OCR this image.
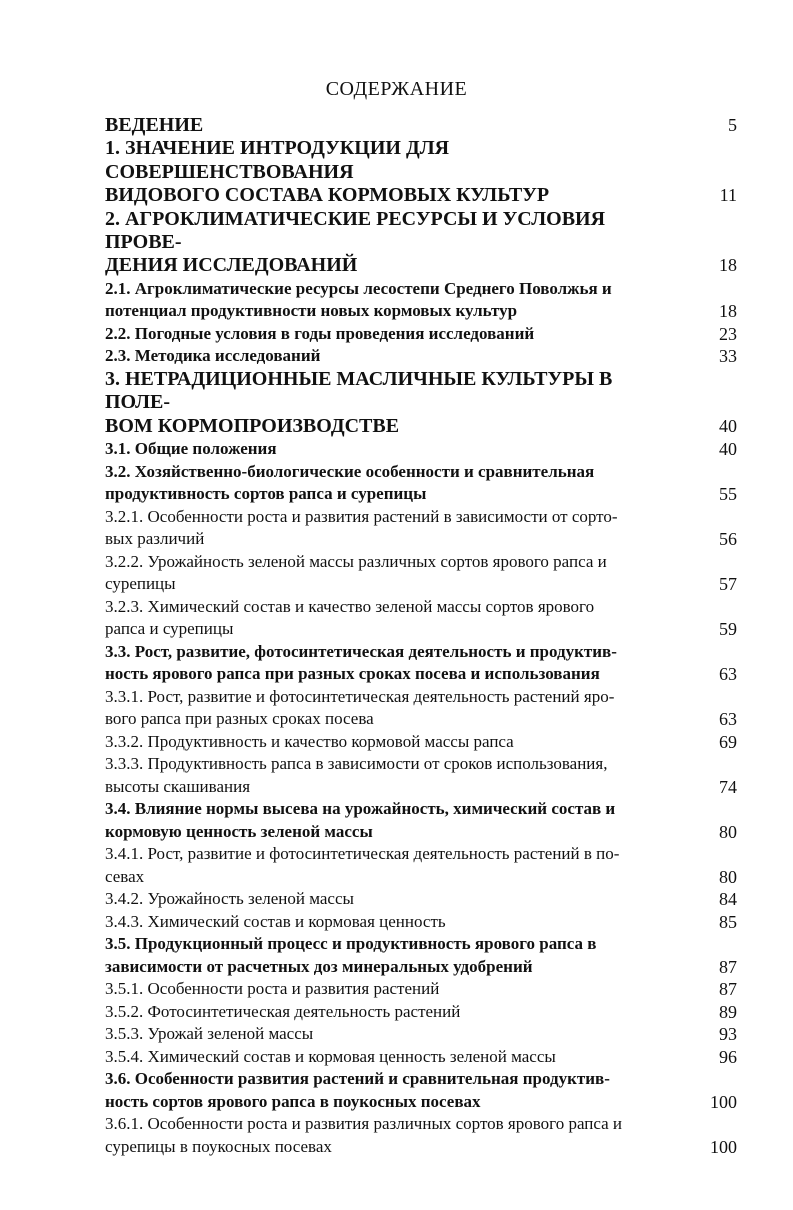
СОДЕРЖАНИЕ
ВЕДЕНИЕ	5
1. ЗНАЧЕНИЕ ИНТРОДУКЦИИ ДЛЯ СОВЕРШЕНСТВОВАНИЯ
ВИДОВОГО СОСТАВА КОРМОВЫХ КУЛЬТУР	11
2. АГРОКЛИМАТИЧЕСКИЕ РЕСУРСЫ И УСЛОВИЯ ПРОВЕ-
ДЕНИЯ ИССЛЕДОВАНИЙ	18
2.1. Агроклиматические ресурсы лесостепи Среднего Поволжья и
потенциал продуктивности новых кормовых культур	18
2.2. Погодные условия в годы проведения исследований	23
2.3. Методика исследований	33
3. НЕТРАДИЦИОННЫЕ МАСЛИЧНЫЕ КУЛЬТУРЫ В ПОЛЕ-
ВОМ КОРМОПРОИЗВОДСТВЕ	40
3.1. Общие положения	40
3.2. Хозяйственно-биологические особенности и сравнительная
продуктивность сортов рапса и сурепицы	55
3.2.1. Особенности роста и развития растений в зависимости от сорто-
вых различий	56
3.2.2. Урожайность зеленой массы различных сортов ярового рапса и
сурепицы	57
3.2.3. Химический состав и качество зеленой массы сортов ярового
рапса и сурепицы	59
3.3. Рост, развитие, фотосинтетическая деятельность и продуктив-
ность ярового рапса при разных сроках посева и использования	63
3.3.1. Рост, развитие и фотосинтетическая деятельность растений яро-
вого рапса при разных сроках посева	63
3.3.2. Продуктивность и качество кормовой массы рапса	69
3.3.3. Продуктивность рапса в зависимости от сроков использования,
высоты скашивания	74
3.4. Влияние нормы высева на урожайность, химический состав и
кормовую ценность зеленой массы	80
3.4.1. Рост, развитие и фотосинтетическая деятельность растений в по-
севах	80
3.4.2. Урожайность зеленой массы	84
3.4.3. Химический состав и кормовая ценность	85
3.5. Продукционный процесс и продуктивность ярового рапса в
зависимости от расчетных доз минеральных удобрений	87
3.5.1. Особенности роста и развития растений	87
3.5.2. Фотосинтетическая деятельность растений	89
3.5.3. Урожай зеленой массы	93
3.5.4. Химический состав и кормовая ценность зеленой массы	96
3.6. Особенности развития растений и сравнительная продуктив-
ность сортов ярового рапса в поукосных посевах	100
3.6.1. Особенности роста и развития различных сортов ярового рапса и
сурепицы в поукосных посевах	100
